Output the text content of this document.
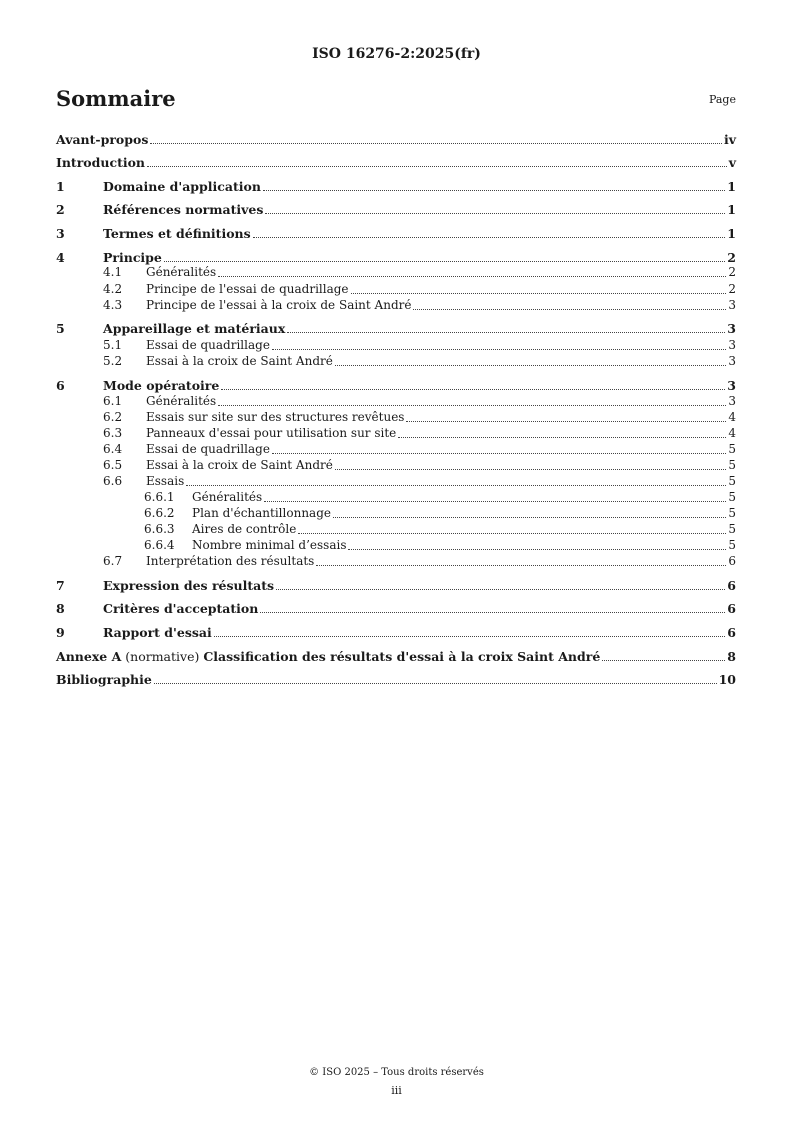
ISO 16276-2:2025(fr)
Sommaire	Page
Avant-propos	iv
Introduction	v
1	Domaine d'application	1
2	Références normatives	1
3	Termes et définitions	1
4	Principe	2
4.1	Généralités	2
4.2	Principe de l'essai de quadrillage	2
4.3	Principe de l'essai à la croix de Saint André	3
5	Appareillage et matériaux	3
5.1	Essai de quadrillage	3
5.2	Essai à la croix de Saint André	3
6	Mode opératoire	3
6.1	Généralités	3
6.2	Essais sur site sur des structures revêtues	4
6.3	Panneaux d'essai pour utilisation sur site	4
6.4	Essai de quadrillage	5
6.5	Essai à la croix de Saint André	5
6.6	Essais	5
6.6.1	Généralités	5
6.6.2	Plan d'échantillonnage	5
6.6.3	Aires de contrôle	5
6.6.4	Nombre minimal d’essais	5
6.7	Interprétation des résultats	6
7	Expression des résultats	6
8	Critères d'acceptation	6
9	Rapport d'essai	6
Annexe A (normative) Classification des résultats d'essai à la croix Saint André	8
Bibliographie	10
© ISO 2025 – Tous droits réservés
iii
